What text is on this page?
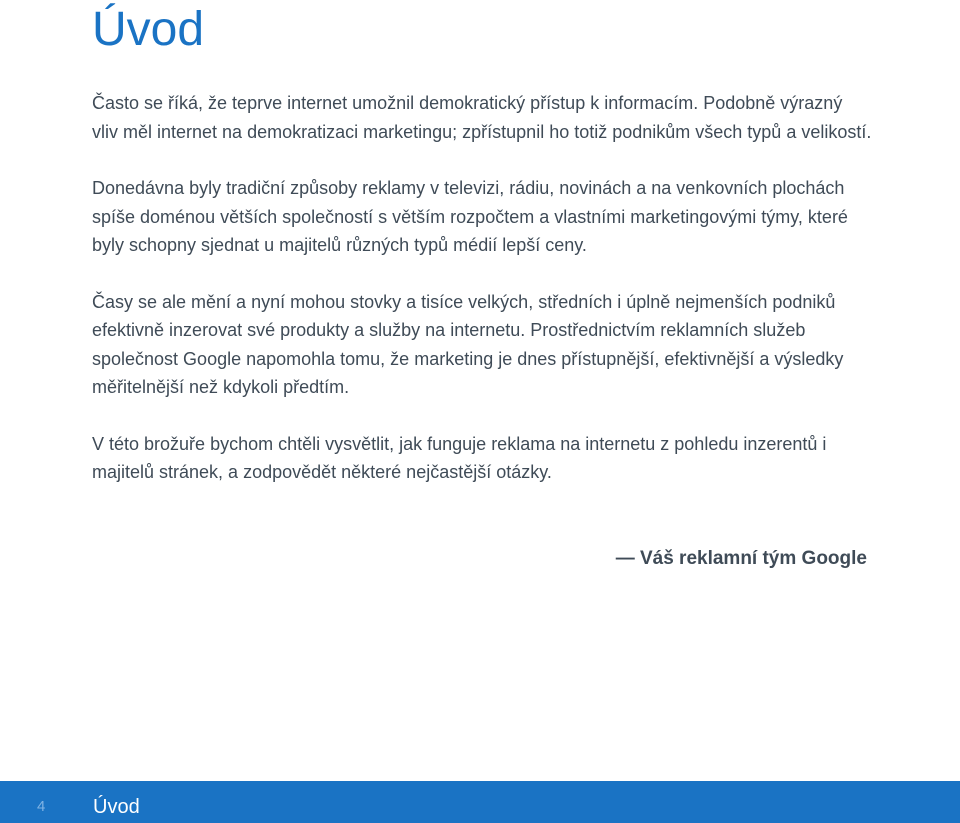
Úvod

Často se říká, že teprve internet umožnil demokratický přístup k informacím. Podobně výrazný vliv měl internet na demokratizaci marketingu; zpřístupnil ho totiž podnikům všech typů a velikostí.

Donedávna byly tradiční způsoby reklamy v televizi, rádiu, novinách a na venkovních plochách spíše doménou větších společností s větším rozpočtem a vlastními marketingovými týmy, které byly schopny sjednat u majitelů různých typů médií lepší ceny.

Časy se ale mění a nyní mohou stovky a tisíce velkých, středních i úplně nejmenších podniků efektivně inzerovat své produkty a služby na internetu. Prostřednictvím reklamních služeb společnost Google napomohla tomu, že marketing je dnes přístupnější, efektivnější a výsledky měřitelnější než kdykoli předtím.

V této brožuře bychom chtěli vysvětlit, jak funguje reklama na internetu z pohledu inzerentů i majitelů stránek, a zodpovědět některé nejčastější otázky.

— Váš reklamní tým Google

4 Úvod
